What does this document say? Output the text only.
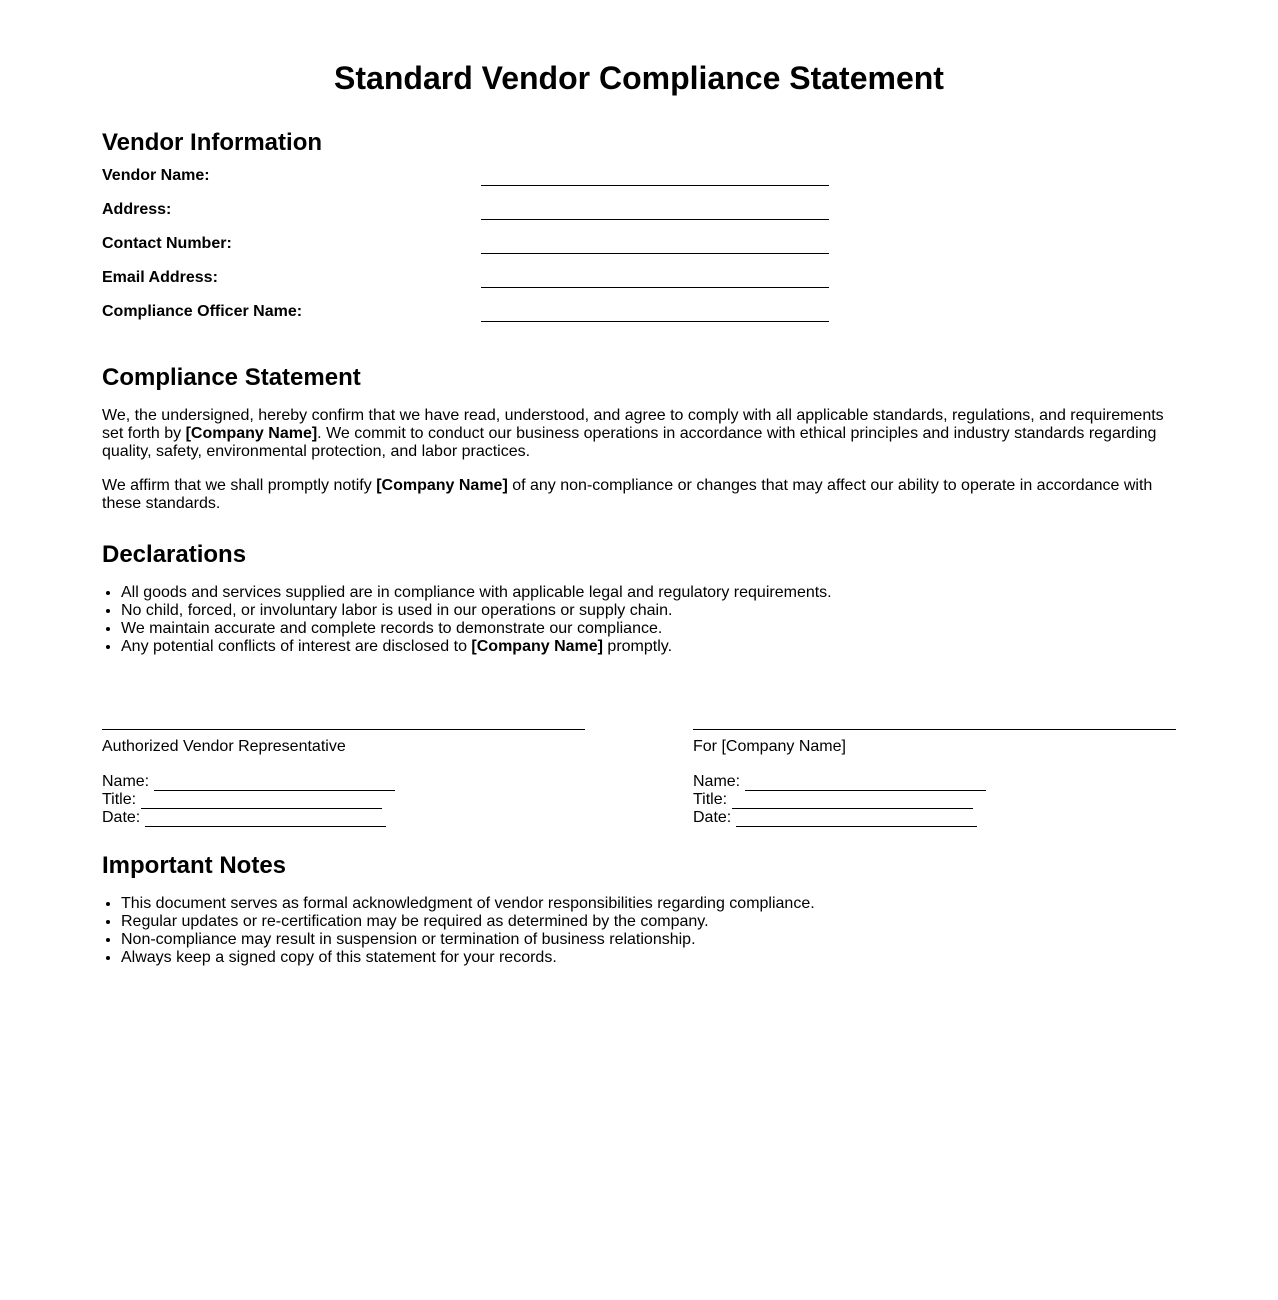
Standard Vendor Compliance Statement
Vendor Information
Vendor Name:
Address:
Contact Number:
Email Address:
Compliance Officer Name:
Compliance Statement

We, the undersigned, hereby confirm that we have read, understood, and agree to comply with all applicable standards, regulations, and requirements set forth by [Company Name]. We commit to conduct our business operations in accordance with ethical principles and industry standards regarding quality, safety, environmental protection, and labor practices.

We affirm that we shall promptly notify [Company Name] of any non-compliance or changes that may affect our ability to operate in accordance with these standards.

Declarations
• All goods and services supplied are in compliance with applicable legal and regulatory requirements.
• No child, forced, or involuntary labor is used in our operations or supply chain.
• We maintain accurate and complete records to demonstrate our compliance.
• Any potential conflicts of interest are disclosed to [Company Name] promptly.
Authorized Vendor Representative
Name:
Title:
Date:
For [Company Name]
Name:
Title:
Date:
Important Notes
• This document serves as formal acknowledgment of vendor responsibilities regarding compliance.
• Regular updates or re-certification may be required as determined by the company.
• Non-compliance may result in suspension or termination of business relationship.
• Always keep a signed copy of this statement for your records.
